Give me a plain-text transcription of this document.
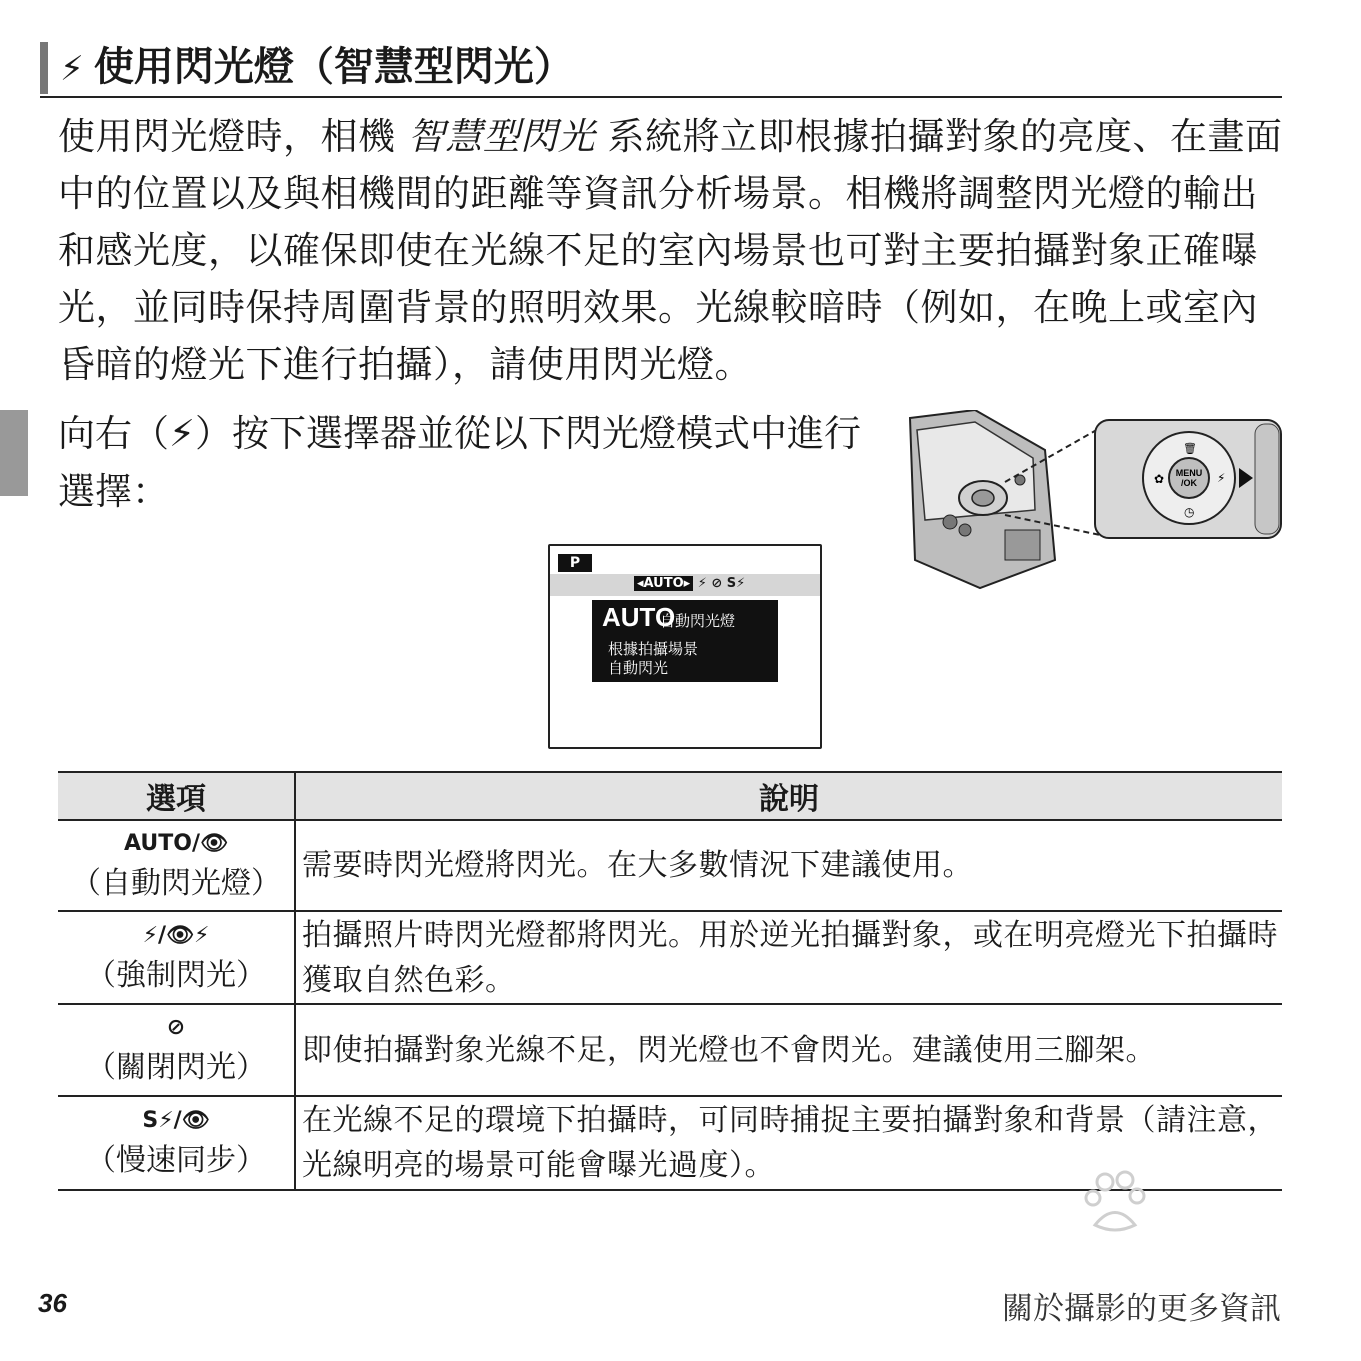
⚡ 使用閃光燈（智慧型閃光）
使用閃光燈時，相機 智慧型閃光 系統將立即根據拍攝對象的亮度、在畫面中的位置以及與相機間的距離等資訊分析場景。相機將調整閃光燈的輸出和感光度，以確保即使在光線不足的室內場景也可對主要拍攝對象正確曝光，並同時保持周圍背景的照明效果。光線較暗時（例如，在晚上或室內昏暗的燈光下進行拍攝），請使用閃光燈。
向右（⚡）按下選擇器並從以下閃光燈模式中進行選擇：
P
◂AUTO▸ ⚡ ⊘ S⚡
AUTO
自動閃光燈
根據拍攝場景
自動閃光
MENU
/OK ⚡
✿
🗑
◷
選項	說明

AUTO/👁
（自動閃光燈）	需要時閃光燈將閃光。在大多數情況下建議使用。

⚡/👁⚡
（強制閃光）	拍攝照片時閃光燈都將閃光。用於逆光拍攝對象，或在明亮燈光下拍攝時獲取自然色彩。

⊘
（關閉閃光）	即使拍攝對象光線不足，閃光燈也不會閃光。建議使用三腳架。

S⚡/👁
（慢速同步）	在光線不足的環境下拍攝時，可同時捕捉主要拍攝對象和背景（請注意，光線明亮的場景可能會曝光過度）。
36	關於攝影的更多資訊
